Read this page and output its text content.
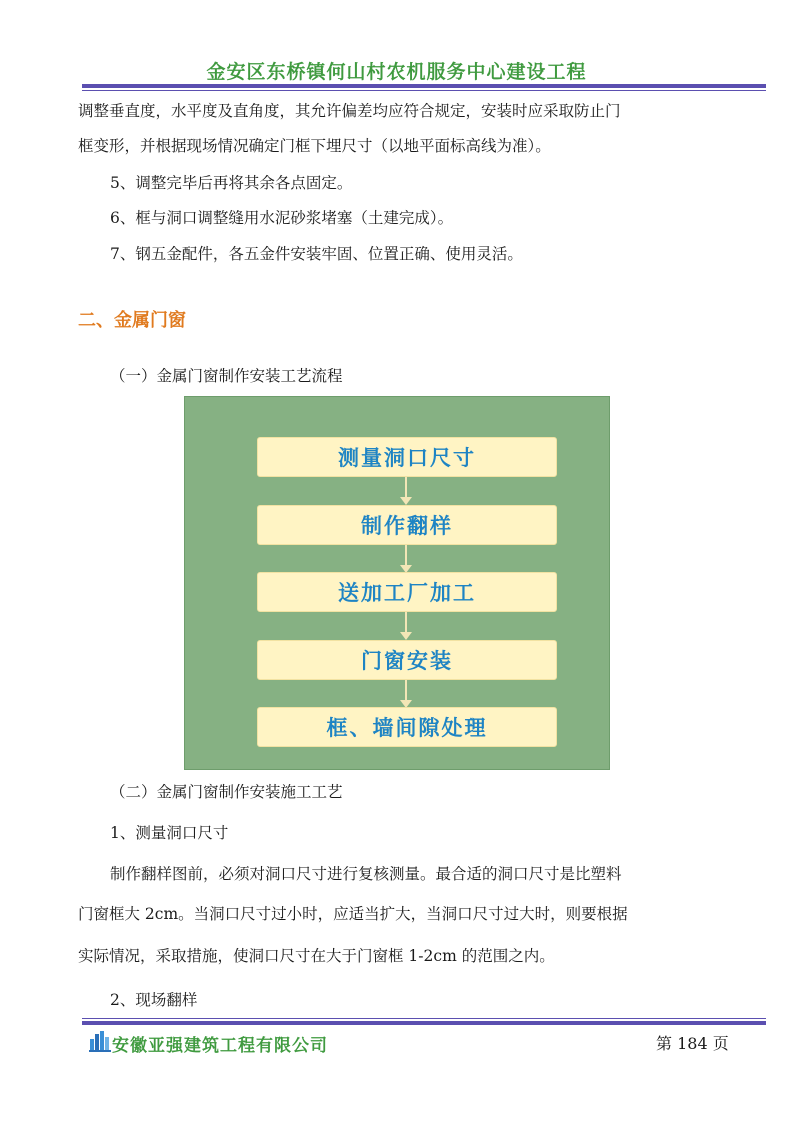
金安区东桥镇何山村农机服务中心建设工程
调整垂直度，水平度及直角度，其允许偏差均应符合规定，安装时应采取防止门
框变形，并根据现场情况确定门框下埋尺寸（以地平面标高线为准）。
5、调整完毕后再将其余各点固定。
6、框与洞口调整缝用水泥砂浆堵塞（土建完成）。
7、钢五金配件，各五金件安装牢固、位置正确、使用灵活。
二、金属门窗
（一）金属门窗制作安装工艺流程
测量洞口尺寸
制作翻样
送加工厂加工
门窗安装
框、墙间隙处理
（二）金属门窗制作安装施工工艺
1、测量洞口尺寸
制作翻样图前，必须对洞口尺寸进行复核测量。最合适的洞口尺寸是比塑料
门窗框大 2cm。当洞口尺寸过小时，应适当扩大，当洞口尺寸过大时，则要根据
实际情况，采取措施，使洞口尺寸在大于门窗框 1-2cm 的范围之内。
2、现场翻样
安徽亚强建筑工程有限公司	第 184 页
